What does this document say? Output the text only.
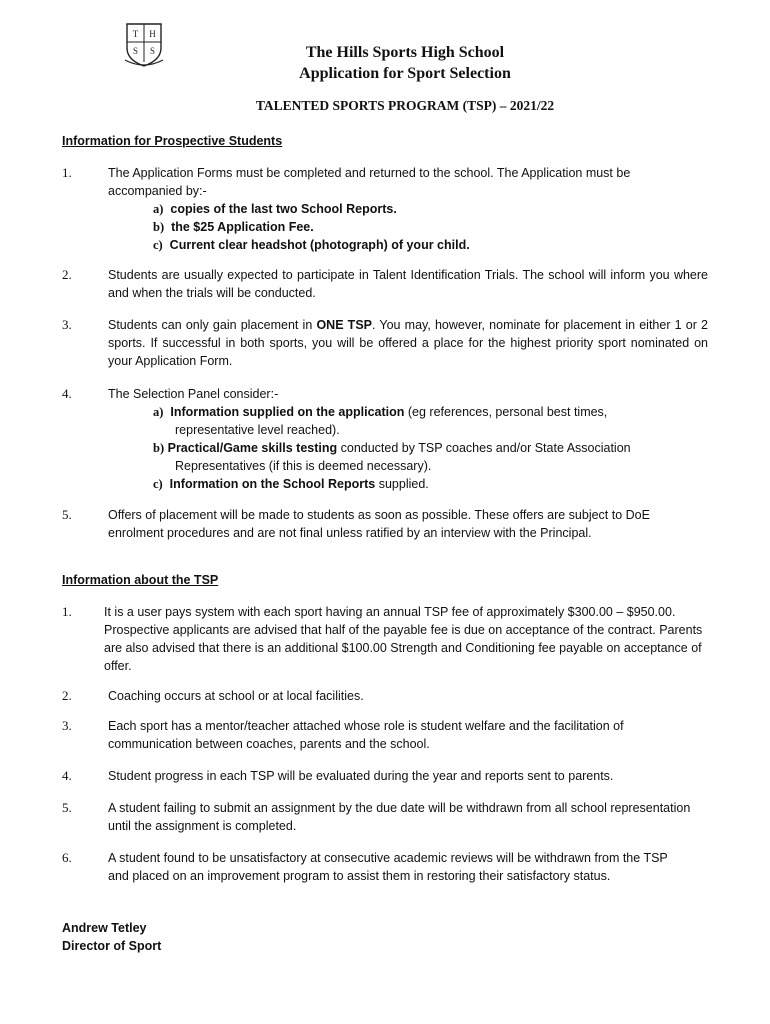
T H
S S	The Hills Sports High School
Application for Sport Selection
TALENTED SPORTS PROGRAM (TSP) – 2021/22
Information for Prospective Students
1.	The Application Forms must be completed and returned to the school. The Application must be accompanied by:-
a) copies of the last two School Reports.
b) the $25 Application Fee.
c) Current clear headshot (photograph) of your child.
2.	Students are usually expected to participate in Talent Identification Trials. The school will inform you where and when the trials will be conducted.
3.	Students can only gain placement in ONE TSP. You may, however, nominate for placement in either 1 or 2 sports. If successful in both sports, you will be offered a place for the highest priority sport nominated on your Application Form.
4.	The Selection Panel consider:-
a) Information supplied on the application (eg references, personal best times, representative level reached).
b) Practical/Game skills testing conducted by TSP coaches and/or State Association Representatives (if this is deemed necessary).
c) Information on the School Reports supplied.
5.	Offers of placement will be made to students as soon as possible. These offers are subject to DoE enrolment procedures and are not final unless ratified by an interview with the Principal.
Information about the TSP
1.	It is a user pays system with each sport having an annual TSP fee of approximately $300.00 – $950.00. Prospective applicants are advised that half of the payable fee is due on acceptance of the contract. Parents are also advised that there is an additional $100.00 Strength and Conditioning fee payable on acceptance of offer.
2.	Coaching occurs at school or at local facilities.
3.	Each sport has a mentor/teacher attached whose role is student welfare and the facilitation of communication between coaches, parents and the school.
4.	Student progress in each TSP will be evaluated during the year and reports sent to parents.
5.	A student failing to submit an assignment by the due date will be withdrawn from all school representation until the assignment is completed.
6.	A student found to be unsatisfactory at consecutive academic reviews will be withdrawn from the TSP and placed on an improvement program to assist them in restoring their satisfactory status.
Andrew Tetley
Director of Sport
